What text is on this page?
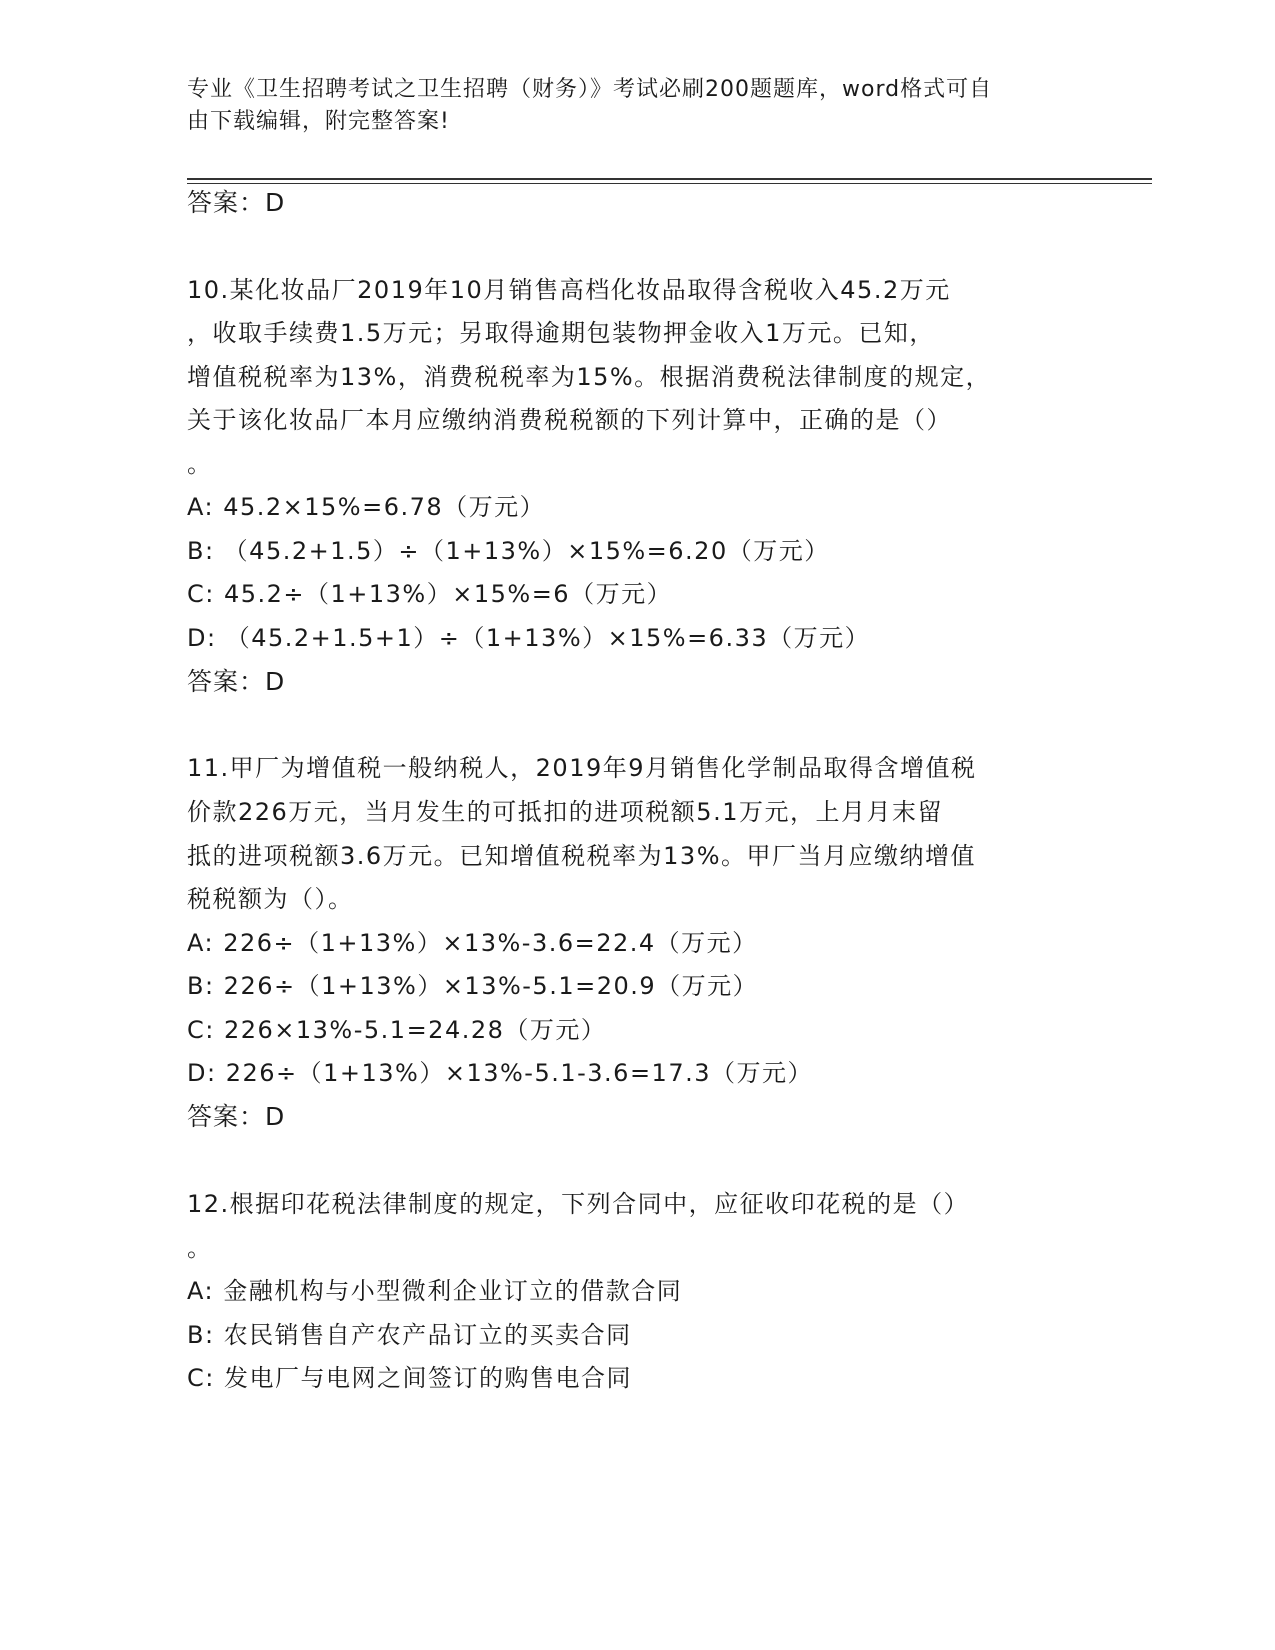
专业《卫生招聘考试之卫生招聘（财务）》考试必刷200题题库，word格式可自
由下载编辑，附完整答案!
答案：D
10.某化妆品厂2019年10月销售高档化妆品取得含税收入45.2万元
，收取手续费1.5万元；另取得逾期包装物押金收入1万元。已知，
增值税税率为13%，消费税税率为15%。根据消费税法律制度的规定，
关于该化妆品厂本月应缴纳消费税税额的下列计算中，正确的是（）
。
A: 45.2×15%=6.78（万元）
B: （45.2+1.5）÷（1+13%）×15%=6.20（万元）
C: 45.2÷（1+13%）×15%=6（万元）
D: （45.2+1.5+1）÷（1+13%）×15%=6.33（万元）
答案：D
11.甲厂为增值税一般纳税人，2019年9月销售化学制品取得含增值税
价款226万元，当月发生的可抵扣的进项税额5.1万元，上月月末留
抵的进项税额3.6万元。已知增值税税率为13%。甲厂当月应缴纳增值
税税额为（）。
A: 226÷（1+13%）×13%-3.6=22.4（万元）
B: 226÷（1+13%）×13%-5.1=20.9（万元）
C: 226×13%-5.1=24.28（万元）
D: 226÷（1+13%）×13%-5.1-3.6=17.3（万元）
答案：D
12.根据印花税法律制度的规定，下列合同中，应征收印花税的是（）
。
A: 金融机构与小型微利企业订立的借款合同
B: 农民销售自产农产品订立的买卖合同
C: 发电厂与电网之间签订的购售电合同
